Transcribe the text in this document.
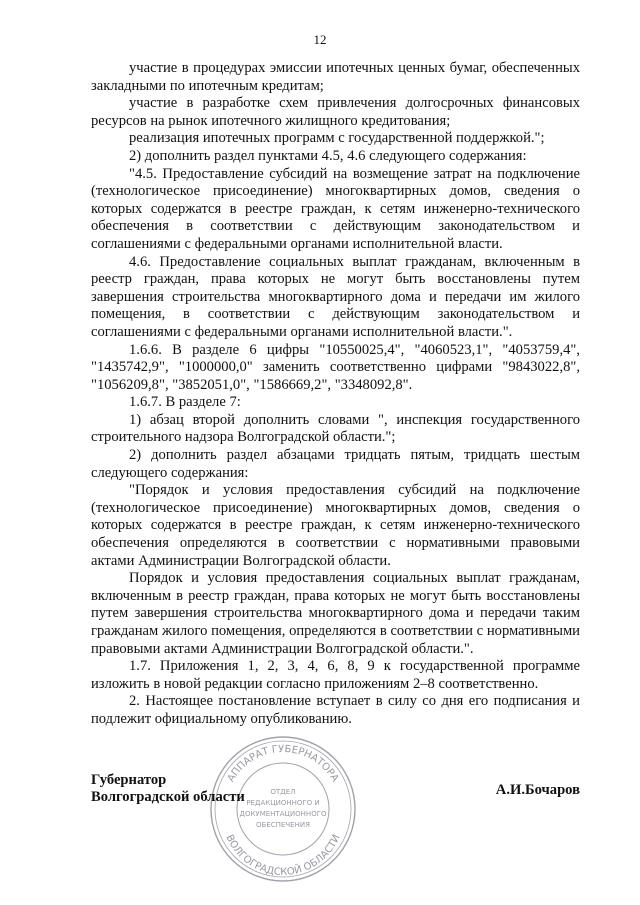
12

участие в процедурах эмиссии ипотечных ценных бумаг, обеспеченных закладными по ипотечным кредитам;

участие в разработке схем привлечения долгосрочных финансовых ресурсов на рынок ипотечного жилищного кредитования;

реализация ипотечных программ с государственной поддержкой.";

2) дополнить раздел пунктами 4.5, 4.6 следующего содержания:

"4.5. Предоставление субсидий на возмещение затрат на подключение (технологическое присоединение) многоквартирных домов, сведения о которых содержатся в реестре граждан, к сетям инженерно-технического обеспечения в соответствии с действующим законодательством и соглашениями с федеральными органами исполнительной власти.

4.6. Предоставление социальных выплат гражданам, включенным в реестр граждан, права которых не могут быть восстановлены путем завершения строительства многоквартирного дома и передачи им жилого помещения, в соответствии с действующим законодательством и соглашениями с федеральными органами исполнительной власти.".

1.6.6. В разделе 6 цифры "10550025,4", "4060523,1", "4053759,4", "1435742,9", "1000000,0" заменить соответственно цифрами "9843022,8", "1056209,8", "3852051,0", "1586669,2", "3348092,8".

1.6.7. В разделе 7:

1) абзац второй дополнить словами ", инспекция государственного строительного надзора Волгоградской области.";

2) дополнить раздел абзацами тридцать пятым, тридцать шестым следующего содержания:

"Порядок и условия предоставления субсидий на подключение (технологическое присоединение) многоквартирных домов, сведения о которых содержатся в реестре граждан, к сетям инженерно-технического обеспечения определяются в соответствии с нормативными правовыми актами Администрации Волгоградской области.

Порядок и условия предоставления социальных выплат гражданам, включенным в реестр граждан, права которых не могут быть восстановлены путем завершения строительства многоквартирного дома и передачи таким гражданам жилого помещения, определяются в соответствии с нормативными правовыми актами Администрации Волгоградской области.".

1.7. Приложения 1, 2, 3, 4, 6, 8, 9 к государственной программе изложить в новой редакции согласно приложениям 2–8 соответственно.

2. Настоящее постановление вступает в силу со дня его подписания и подлежит официальному опубликованию.

АППАРАТ ГУБЕРНАТОРА
ВОЛГОГРАДСКОЙ ОБЛАСТИ
ОТДЕЛ
РЕДАКЦИОННОГО И
ДОКУМЕНТАЦИОННОГО
ОБЕСПЕЧЕНИЯ
Губернатор
Волгоградской области	А.И.Бочаров
